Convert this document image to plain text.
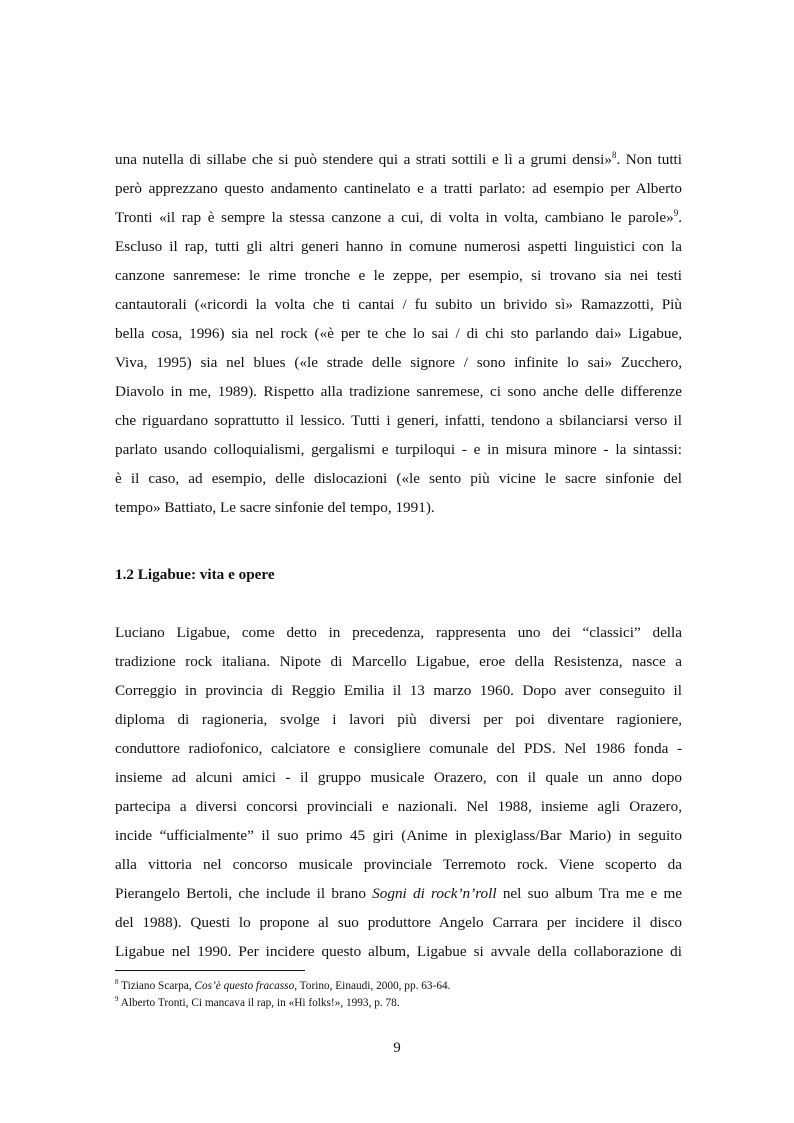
una nutella di sillabe che si può stendere qui a strati sottili e lì a grumi densi»$^8$. Non tutti
però apprezzano questo andamento cantinelato e a tratti parlato: ad esempio per Alberto
Tronti «il rap è sempre la stessa canzone a cui, di volta in volta, cambiano le parole»$^9$.
Escluso il rap, tutti gli altri generi hanno in comune numerosi aspetti linguistici con la
canzone sanremese: le rime tronche e le zeppe, per esempio, si trovano sia nei testi
cantautorali («ricordi la volta che ti cantai / fu subito un brivido sì» Ramazzotti, Più
bella cosa, 1996) sia nel rock («è per te che lo sai / di chi sto parlando dai» Ligabue,
Viva, 1995) sia nel blues («le strade delle signore / sono infinite lo sai» Zucchero,
Diavolo in me, 1989). Rispetto alla tradizione sanremese, ci sono anche delle differenze
che riguardano soprattutto il lessico. Tutti i generi, infatti, tendono a sbilanciarsi verso il
parlato usando colloquialismi, gergalismi e turpiloqui - e in misura minore - la sintassi:
è il caso, ad esempio, delle dislocazioni («le sento più vicine le sacre sinfonie del
tempo» Battiato, Le sacre sinfonie del tempo, 1991).
1.2 Ligabue: vita e opere
Luciano Ligabue, come detto in precedenza, rappresenta uno dei “classici” della
tradizione rock italiana. Nipote di Marcello Ligabue, eroe della Resistenza, nasce a
Correggio in provincia di Reggio Emilia il 13 marzo 1960. Dopo aver conseguito il
diploma di ragioneria, svolge i lavori più diversi per poi diventare ragioniere,
conduttore radiofonico, calciatore e consigliere comunale del PDS. Nel 1986 fonda -
insieme ad alcuni amici - il gruppo musicale Orazero, con il quale un anno dopo
partecipa a diversi concorsi provinciali e nazionali. Nel 1988, insieme agli Orazero,
incide “ufficialmente” il suo primo 45 giri (Anime in plexiglass/Bar Mario) in seguito
alla vittoria nel concorso musicale provinciale Terremoto rock. Viene scoperto da
Pierangelo Bertoli, che include il brano Sogni di rock’n’roll nel suo album Tra me e me
del 1988). Questi lo propone al suo produttore Angelo Carrara per incidere il disco
Ligabue nel 1990. Per incidere questo album, Ligabue si avvale della collaborazione di
$^8$ Tiziano Scarpa, Cos’è questo fracasso, Torino, Einaudi, 2000, pp. 63-64.
$^9$ Alberto Tronti, Ci mancava il rap, in «Hi folks!», 1993, p. 78.
9
